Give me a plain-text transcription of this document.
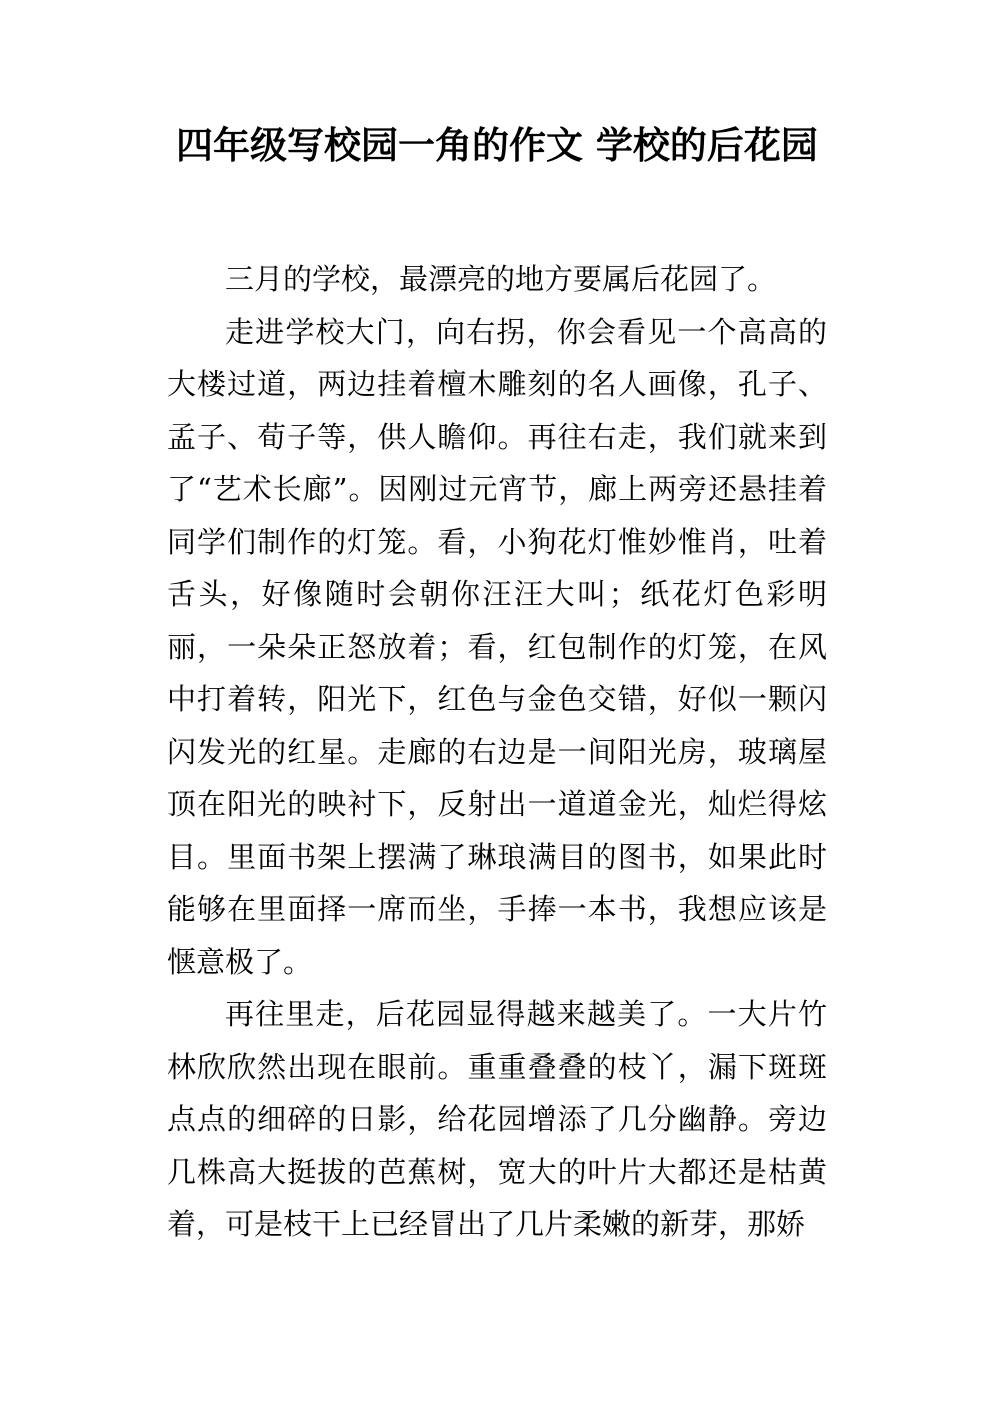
四年级写校园一角的作文 学校的后花园

三月的学校，最漂亮的地方要属后花园了。

走进学校大门，向右拐，你会看见一个高高的大楼过道，两边挂着檀木雕刻的名人画像，孔子、孟子、荀子等，供人瞻仰。再往右走，我们就来到了“艺术长廊”。因刚过元宵节，廊上两旁还悬挂着同学们制作的灯笼。看，小狗花灯惟妙惟肖，吐着舌头，好像随时会朝你汪汪大叫；纸花灯色彩明丽，一朵朵正怒放着；看，红包制作的灯笼，在风中打着转，阳光下，红色与金色交错，好似一颗闪闪发光的红星。走廊的右边是一间阳光房，玻璃屋顶在阳光的映衬下，反射出一道道金光，灿烂得炫目。里面书架上摆满了琳琅满目的图书，如果此时能够在里面择一席而坐，手捧一本书，我想应该是惬意极了。

再往里走，后花园显得越来越美了。一大片竹林欣欣然出现在眼前。重重叠叠的枝丫，漏下斑斑点点的细碎的日影，给花园增添了几分幽静。旁边几株高大挺拔的芭蕉树，宽大的叶片大都还是枯黄着，可是枝干上已经冒出了几片柔嫩的新芽，那娇
